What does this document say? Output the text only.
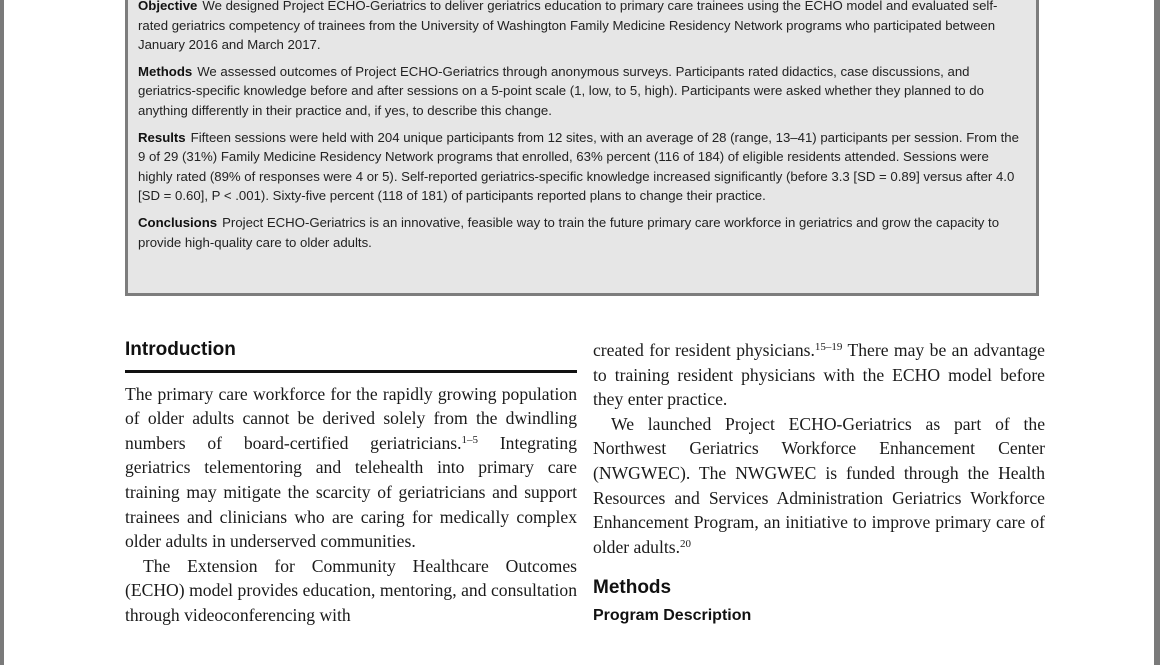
Objective We designed Project ECHO-Geriatrics to deliver geriatrics education to primary care trainees using the ECHO model and evaluated self-rated geriatrics competency of trainees from the University of Washington Family Medicine Residency Network programs who participated between January 2016 and March 2017.

Methods We assessed outcomes of Project ECHO-Geriatrics through anonymous surveys. Participants rated didactics, case discussions, and geriatrics-specific knowledge before and after sessions on a 5-point scale (1, low, to 5, high). Participants were asked whether they planned to do anything differently in their practice and, if yes, to describe this change.

Results Fifteen sessions were held with 204 unique participants from 12 sites, with an average of 28 (range, 13–41) participants per session. From the 9 of 29 (31%) Family Medicine Residency Network programs that enrolled, 63% percent (116 of 184) of eligible residents attended. Sessions were highly rated (89% of responses were 4 or 5). Self-reported geriatrics-specific knowledge increased significantly (before 3.3 [SD = 0.89] versus after 4.0 [SD = 0.60], P < .001). Sixty-five percent (118 of 181) of participants reported plans to change their practice.

Conclusions Project ECHO-Geriatrics is an innovative, feasible way to train the future primary care workforce in geriatrics and grow the capacity to provide high-quality care to older adults.

Introduction

The primary care workforce for the rapidly growing population of older adults cannot be derived solely from the dwindling numbers of board-certified geriatricians.$^{1-5}$ Integrating geriatrics telementoring and telehealth into primary care training may mitigate the scarcity of geriatricians and support trainees and clinicians who are caring for medically complex older adults in underserved communities.

The Extension for Community Healthcare Outcomes (ECHO) model provides education, mentoring, and consultation through videoconferencing with

created for resident physicians.$^{15-19}$ There may be an advantage to training resident physicians with the ECHO model before they enter practice.

We launched Project ECHO-Geriatrics as part of the Northwest Geriatrics Workforce Enhancement Center (NWGWEC). The NWGWEC is funded through the Health Resources and Services Administration Geriatrics Workforce Enhancement Program, an initiative to improve primary care of older adults.$^{20}$

Methods
Program Description
